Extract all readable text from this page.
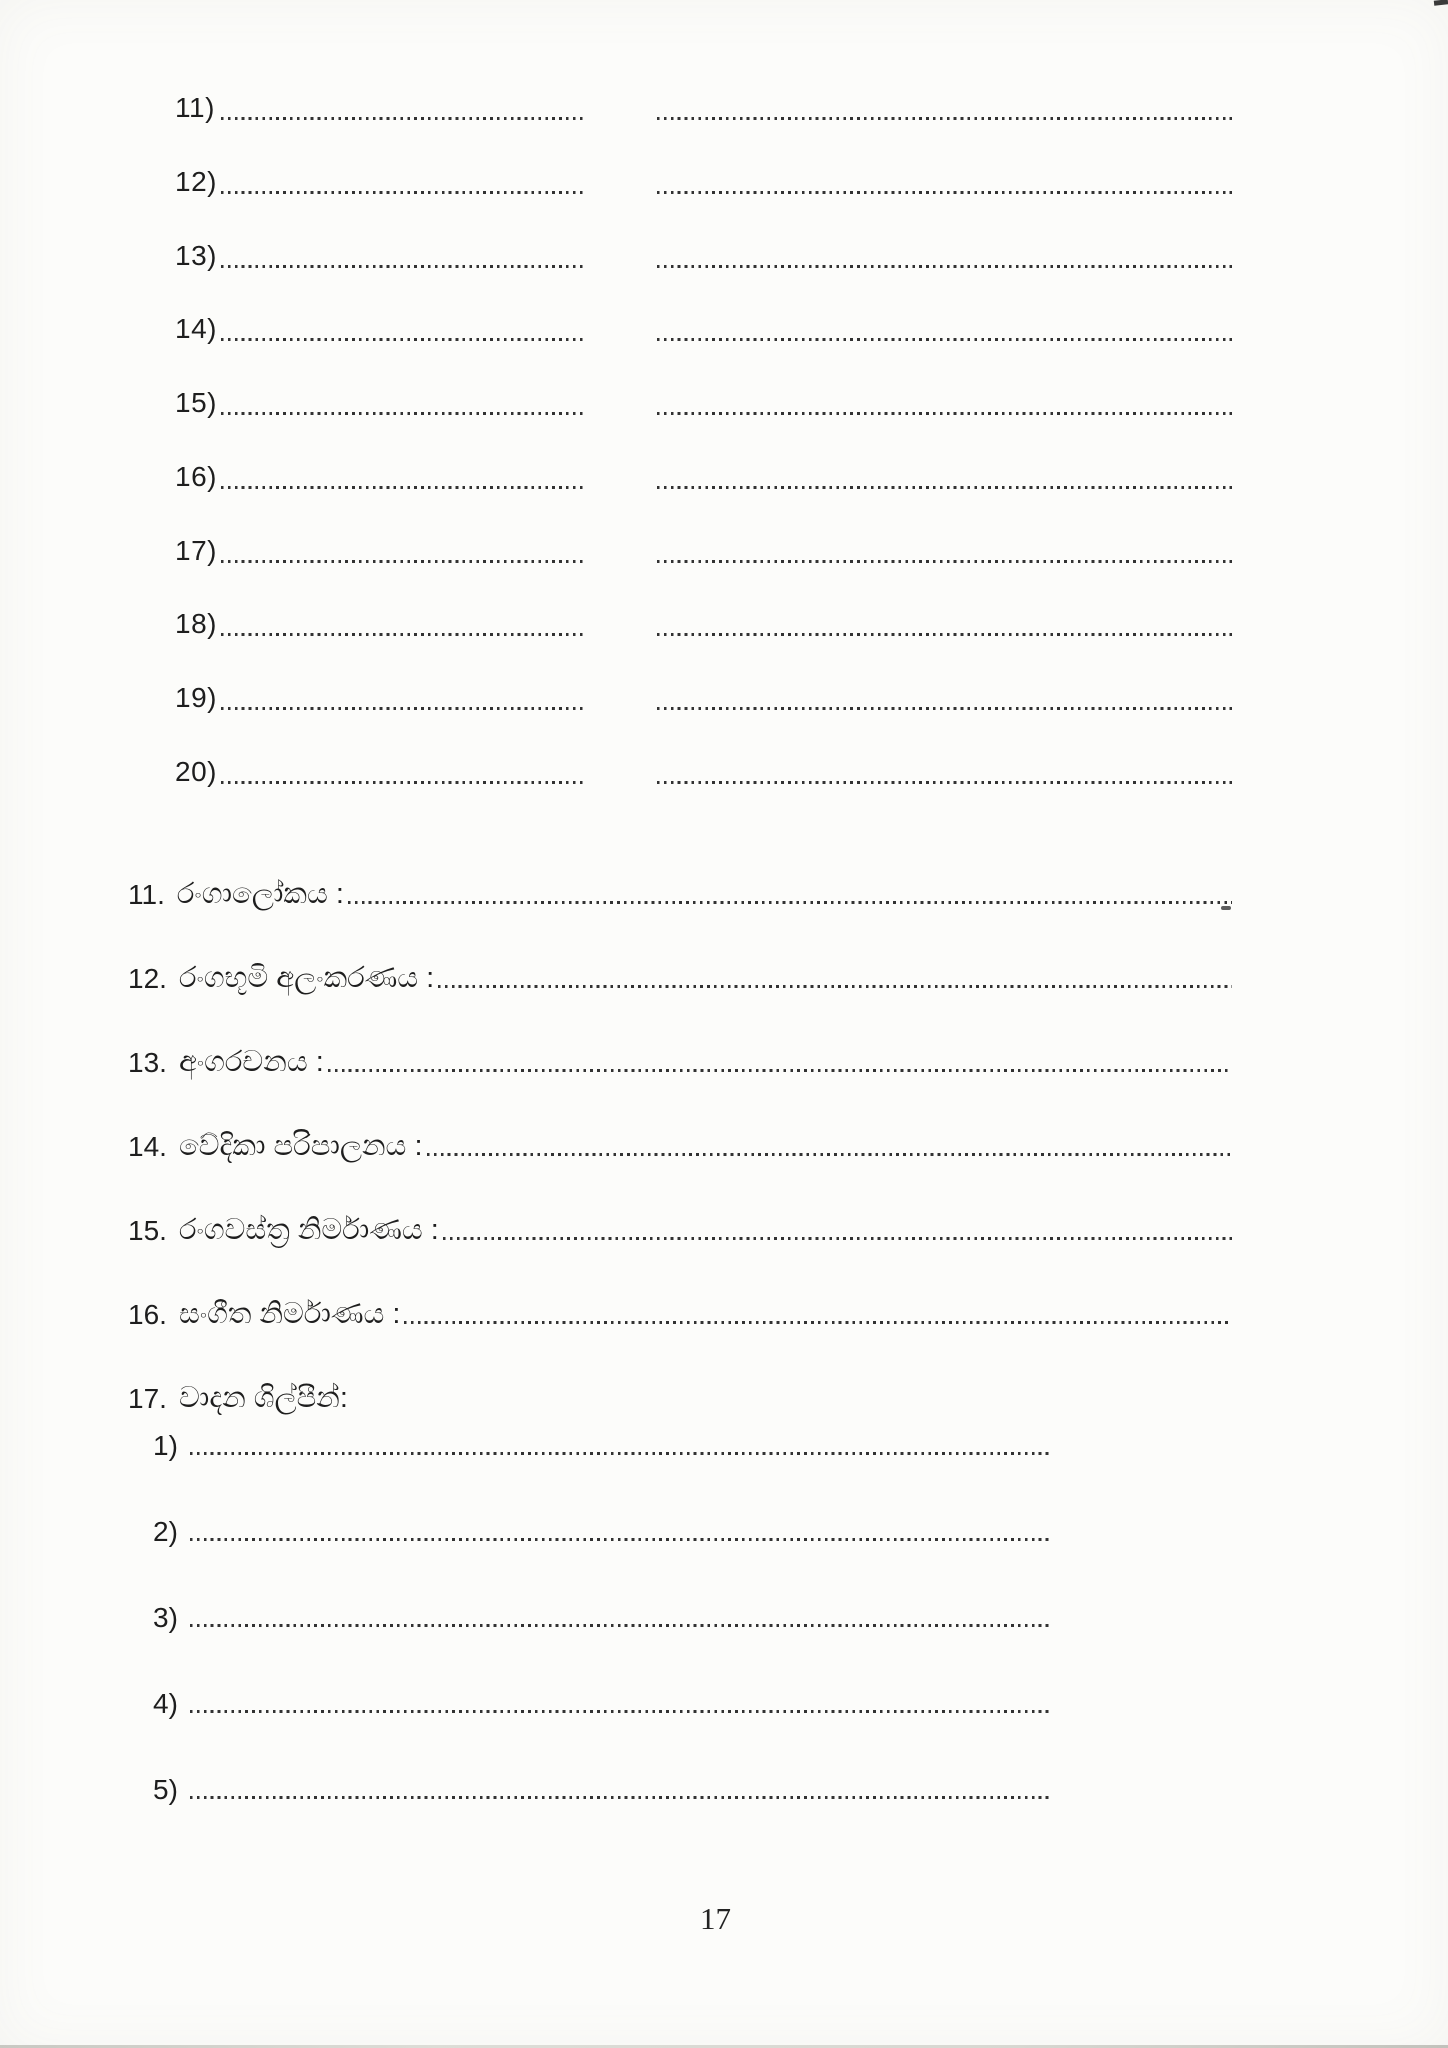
11)
12)
13)
14)
15)
16)
17)
18)
19)
20)
11. රංගාලෝකය :
12. රංගභූමි අලංකරණය :
13. අංගරචනය :
14. වේදිකා පරිපාලනය :
15. රංගවස්ත්‍ර නිර්මාණය :
16. සංගීත නිර්මාණය :
17. වාදන ශිල්පීන්:
1)
2)
3)
4)
5)
17
